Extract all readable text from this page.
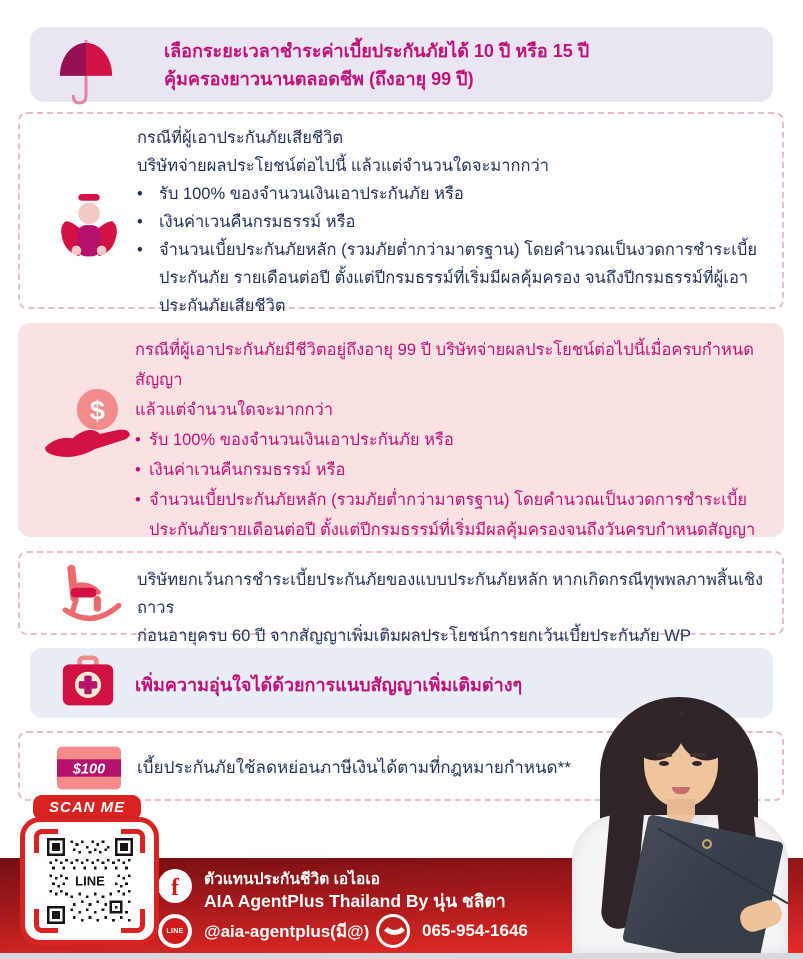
เลือกระยะเวลาชำระค่าเบี้ยประกันภัยได้ 10 ปี หรือ 15 ปี
คุ้มครองยาวนานตลอดชีพ (ถึงอายุ 99 ปี)
กรณีที่ผู้เอาประกันภัยเสียชีวิต
บริษัทจ่ายผลประโยชน์ต่อไปนี้ แล้วแต่จำนวนใดจะมากกว่า
• รับ 100% ของจำนวนเงินเอาประกันภัย หรือ
• เงินค่าเวนคืนกรมธรรม์ หรือ
• จำนวนเบี้ยประกันภัยหลัก (รวมภัยต่ำกว่ามาตรฐาน) โดยคำนวณเป็นงวดการชำระเบี้ยประกันภัย รายเดือนต่อปี ตั้งแต่ปีกรมธรรม์ที่เริ่มมีผลคุ้มครอง จนถึงปีกรมธรรม์ที่ผู้เอาประกันภัยเสียชีวิต
$
กรณีที่ผู้เอาประกันภัยมีชีวิตอยู่ถึงอายุ 99 ปี บริษัทจ่ายผลประโยชน์ต่อไปนี้เมื่อครบกำหนดสัญญา
แล้วแต่จำนวนใดจะมากกว่า
• รับ 100% ของจำนวนเงินเอาประกันภัย หรือ
• เงินค่าเวนคืนกรมธรรม์ หรือ
• จำนวนเบี้ยประกันภัยหลัก (รวมภัยต่ำกว่ามาตรฐาน) โดยคำนวณเป็นงวดการชำระเบี้ย ประกันภัยรายเดือนต่อปี ตั้งแต่ปีกรมธรรม์ที่เริ่มมีผลคุ้มครองจนถึงวันครบกำหนดสัญญา
บริษัทยกเว้นการชำระเบี้ยประกันภัยของแบบประกันภัยหลัก หากเกิดกรณีทุพพลภาพสิ้นเชิงถาวร
ก่อนอายุครบ 60 ปี จากสัญญาเพิ่มเติมผลประโยชน์การยกเว้นเบี้ยประกันภัย WP
เพิ่มความอุ่นใจได้ด้วยการแนบสัญญาเพิ่มเติมต่างๆ
$100 เบี้ยประกันภัยใช้ลดหย่อนภาษีเงินได้ตามที่กฎหมายกำหนด**
SCAN ME
LINE	f ตัวแทนประกันชีวิต เอไอเอ
AIA AgentPlus Thailand By นุ่น ชลิตา
LINE @aia-agentplus(มี@)	065-954-1646
